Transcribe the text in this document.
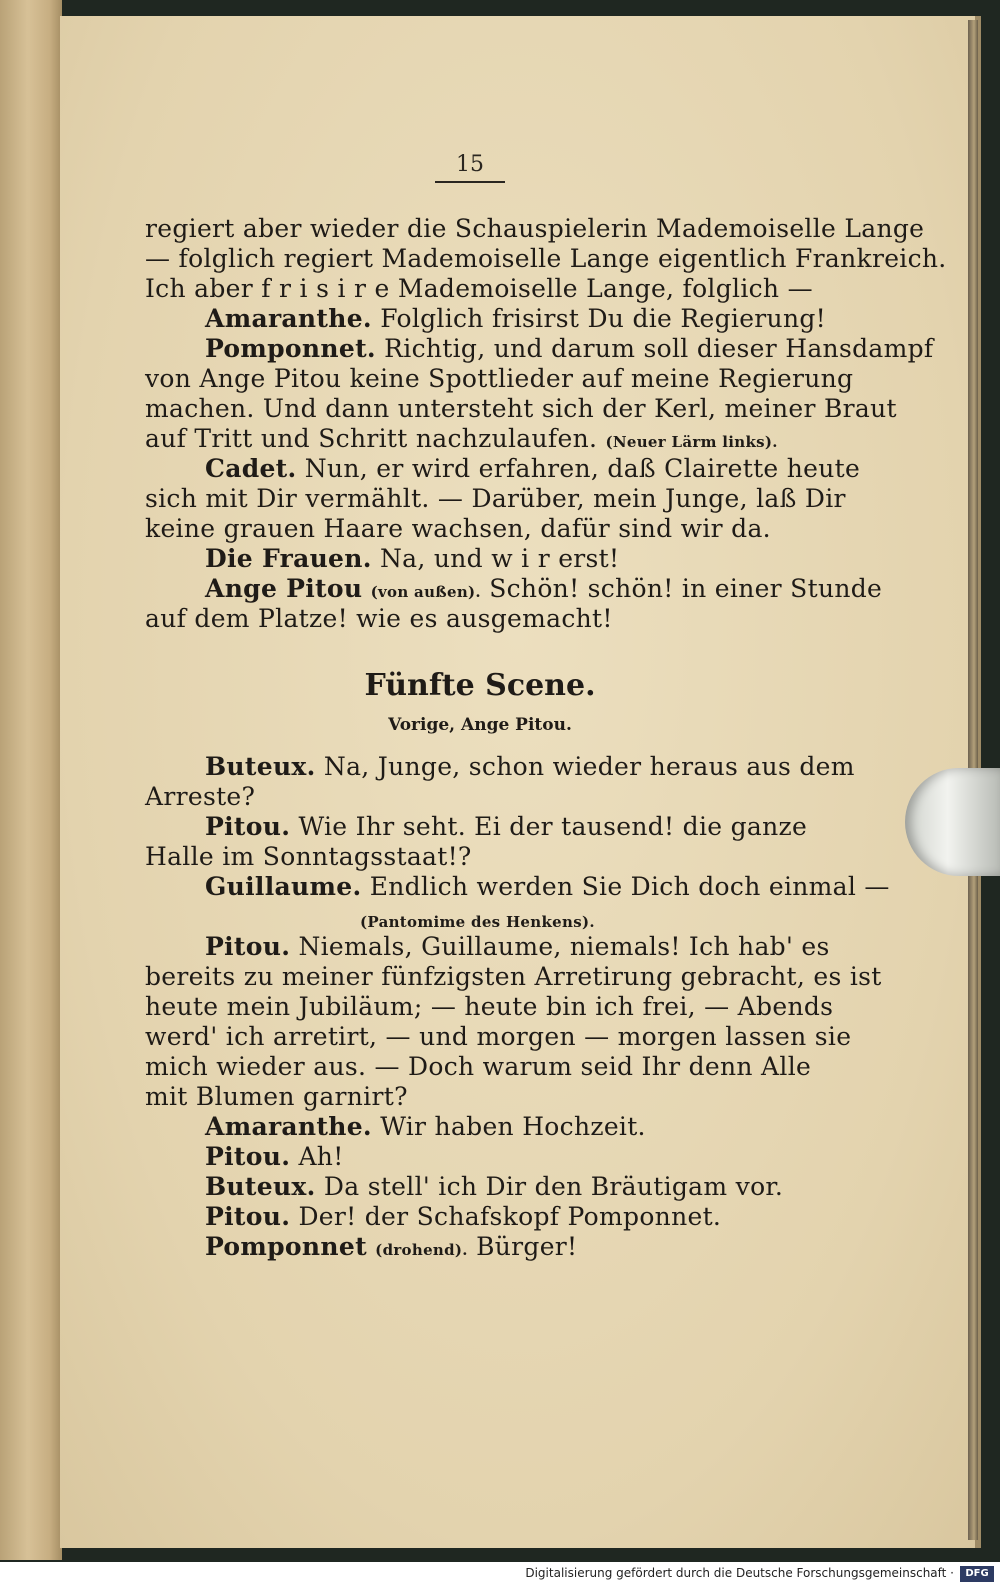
15
regiert aber wieder die Schauspielerin Mademoiselle Lange
— folglich regiert Mademoiselle Lange eigentlich Frankreich.
Ich aber f r i s i r e Mademoiselle Lange, folglich —
Amaranthe. Folglich frisirst Du die Regierung!
Pomponnet. Richtig, und darum soll dieser Hansdampf
von Ange Pitou keine Spottlieder auf meine Regierung
machen. Und dann untersteht sich der Kerl, meiner Braut
auf Tritt und Schritt nachzulaufen. (Neuer Lärm links).
Cadet. Nun, er wird erfahren, daß Clairette heute
sich mit Dir vermählt. — Darüber, mein Junge, laß Dir
keine grauen Haare wachsen, dafür sind wir da.
Die Frauen. Na, und w i r erst!
Ange Pitou (von außen). Schön! schön! in einer Stunde
auf dem Platze! wie es ausgemacht!
Fünfte Scene.
Vorige, Ange Pitou.
Buteux. Na, Junge, schon wieder heraus aus dem
Arreste?
Pitou. Wie Ihr seht. Ei der tausend! die ganze
Halle im Sonntagsstaat!?
Guillaume. Endlich werden Sie Dich doch einmal —
(Pantomime des Henkens).
Pitou. Niemals, Guillaume, niemals! Ich hab' es
bereits zu meiner fünfzigsten Arretirung gebracht, es ist
heute mein Jubiläum; — heute bin ich frei, — Abends
werd' ich arretirt, — und morgen — morgen lassen sie
mich wieder aus. — Doch warum seid Ihr denn Alle
mit Blumen garnirt?
Amaranthe. Wir haben Hochzeit.
Pitou. Ah!
Buteux. Da stell' ich Dir den Bräutigam vor.
Pitou. Der! der Schafskopf Pomponnet.
Pomponnet (drohend). Bürger!
Digitalisierung gefördert durch die Deutsche Forschungsgemeinschaft ·	DFG
